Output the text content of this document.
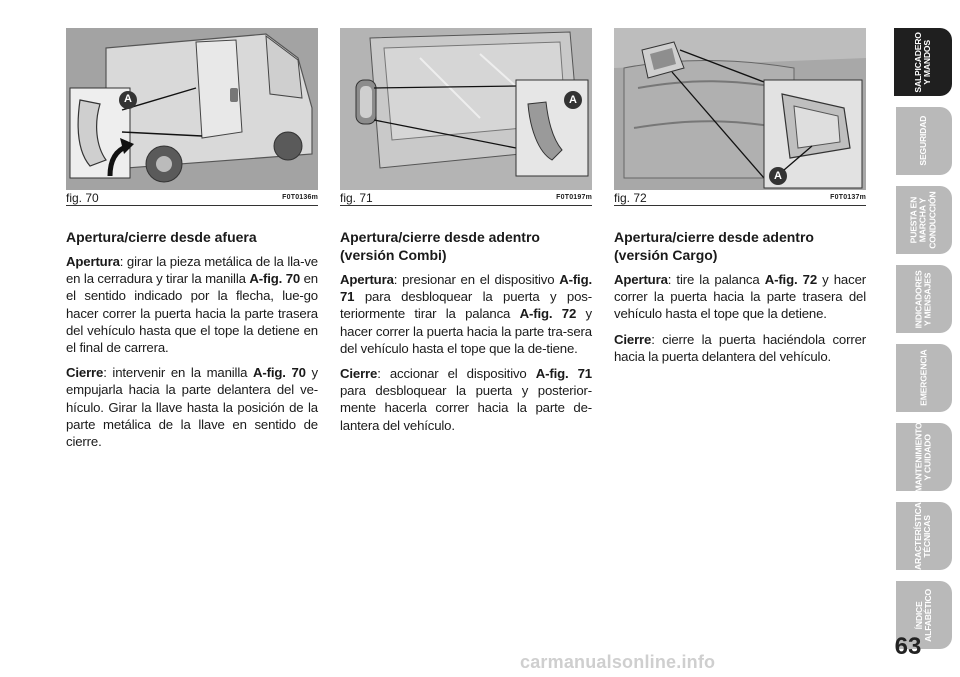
A
fig. 70	F0T0136m
A
fig. 71	F0T0197m
A
fig. 72	F0T0137m
Apertura/cierre desde afuera

Apertura: girar la pieza metálica de la lla-ve en la cerradura y tirar la manilla A-fig. 70 en el sentido indicado por la flecha, lue-go hacer correr la puerta hacia la parte trasera del vehículo hasta que el tope la detiene en el final de carrera.

Cierre: intervenir en la manilla A-fig. 70 y empujarla hacia la parte delantera del ve-hículo. Girar la llave hasta la posición de la parte metálica de la llave en sentido de cierre.

Apertura/cierre desde adentro (versión Combi)

Apertura: presionar en el dispositivo A-fig. 71 para desbloquear la puerta y pos-teriormente tirar la palanca A-fig. 72 y hacer correr la puerta hacia la parte tra-sera del vehículo hasta el tope que la de-tiene.

Cierre: accionar el dispositivo A-fig. 71 para desbloquear la puerta y posterior-mente hacerla correr hacia la parte de-lantera del vehículo.

Apertura/cierre desde adentro (versión Cargo)

Apertura: tire la palanca A-fig. 72 y hacer correr la puerta hacia la parte trasera del vehículo hasta el tope que la detiene.

Cierre: cierre la puerta haciéndola correr hacia la puerta delantera del vehículo.

SALPICADERO
Y MANDOS
SEGURIDAD
PUESTA EN
MARCHA Y
CONDUCCIÓN
INDICADORES
Y MENSAJES
EMERGENCIA
MANTENIMIENTO
Y CUIDADO
CARACTERÍSTICAS
TÉCNICAS
ÍNDICE
ALFABÉTICO
63
carmanualsonline.info
